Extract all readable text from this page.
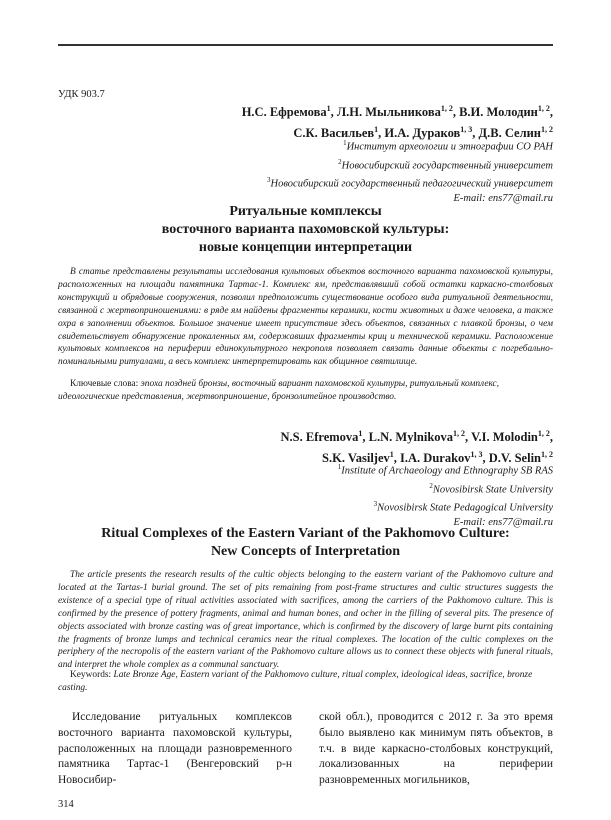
УДК 903.7
Н.С. Ефремова$^1$, Л.Н. Мыльникова$^{1, 2}$, В.И. Молодин$^{1, 2}$,
С.К. Васильев$^1$, И.А. Дураков$^{1, 3}$, Д.В. Селин$^{1, 2}$
$^1$Институт археологии и этнографии СО РАН
$^2$Новосибирский государственный университет
$^3$Новосибирский государственный педагогический университет
E-mail: ens77@mail.ru
Ритуальные комплексы
восточного варианта пахомовской культуры:
новые концепции интерпретации
В статье представлены результаты исследования культовых объектов восточного варианта пахомовской культуры, расположенных на площади памятника Тартас-1. Комплекс ям, представлявший собой остатки каркасно-столбовых конструкций и обрядовые сооружения, позволил предположить существование особого вида ритуальной деятельности, связанной с жертвоприношениями: в ряде ям найдены фрагменты керамики, кости животных и даже человека, а также охра в заполнении объектов. Большое значение имеет присутствие здесь объектов, связанных с плавкой бронзы, о чем свидетельствует обнаружение прокаленных ям, содержавших фрагменты криц и технической керамики. Расположение культовых комплексов на периферии единокультурного некрополя позволяет связать данные объекты с погребально-поминальными ритуалами, а весь комплекс интерпретировать как общинное святилище.
Ключевые слова: эпоха поздней бронзы, восточный вариант пахомовской культуры, ритуальный комплекс, идеологические представления, жертвоприношение, бронзолитейное производство.
N.S. Efremova$^1$, L.N. Mylnikova$^{1, 2}$, V.I. Molodin$^{1, 2}$,
S.K. Vasiljev$^1$, I.A. Durakov$^{1, 3}$, D.V. Selin$^{1, 2}$
$^1$Institute of Archaeology and Ethnography SB RAS
$^2$Novosibirsk State University
$^3$Novosibirsk State Pedagogical University
E-mail: ens77@mail.ru
Ritual Complexes of the Eastern Variant of the Pakhomovo Culture:
New Concepts of Interpretation
The article presents the research results of the cultic objects belonging to the eastern variant of the Pakhomovo culture and located at the Tartas-1 burial ground. The set of pits remaining from post-frame structures and cultic structures suggests the existence of a special type of ritual activities associated with sacrifices, among the carriers of the Pakhomovo culture. This is confirmed by the presence of pottery fragments, animal and human bones, and ocher in the filling of several pits. The presence of objects associated with bronze casting was of great importance, which is confirmed by the discovery of large burnt pits containing the fragments of bronze lumps and technical ceramics near the ritual complexes. The location of the cultic complexes on the periphery of the necropolis of the eastern variant of the Pakhomovo culture allows us to connect these objects with funeral rituals, and interpret the whole complex as a communal sanctuary.
Keywords: Late Bronze Age, Eastern variant of the Pakhomovo culture, ritual complex, ideological ideas, sacrifice, bronze casting.
Исследование ритуальных комплексов восточного варианта пахомовской культуры, расположенных на площади разновременного памятника Тартас-1 (Венгеровский р-н Новосибир-
ской обл.), проводится с 2012 г. За это время было выявлено как минимум пять объектов, в т.ч. в виде каркасно-столбовых конструкций, локализованных на периферии разновременных могильников,
314
